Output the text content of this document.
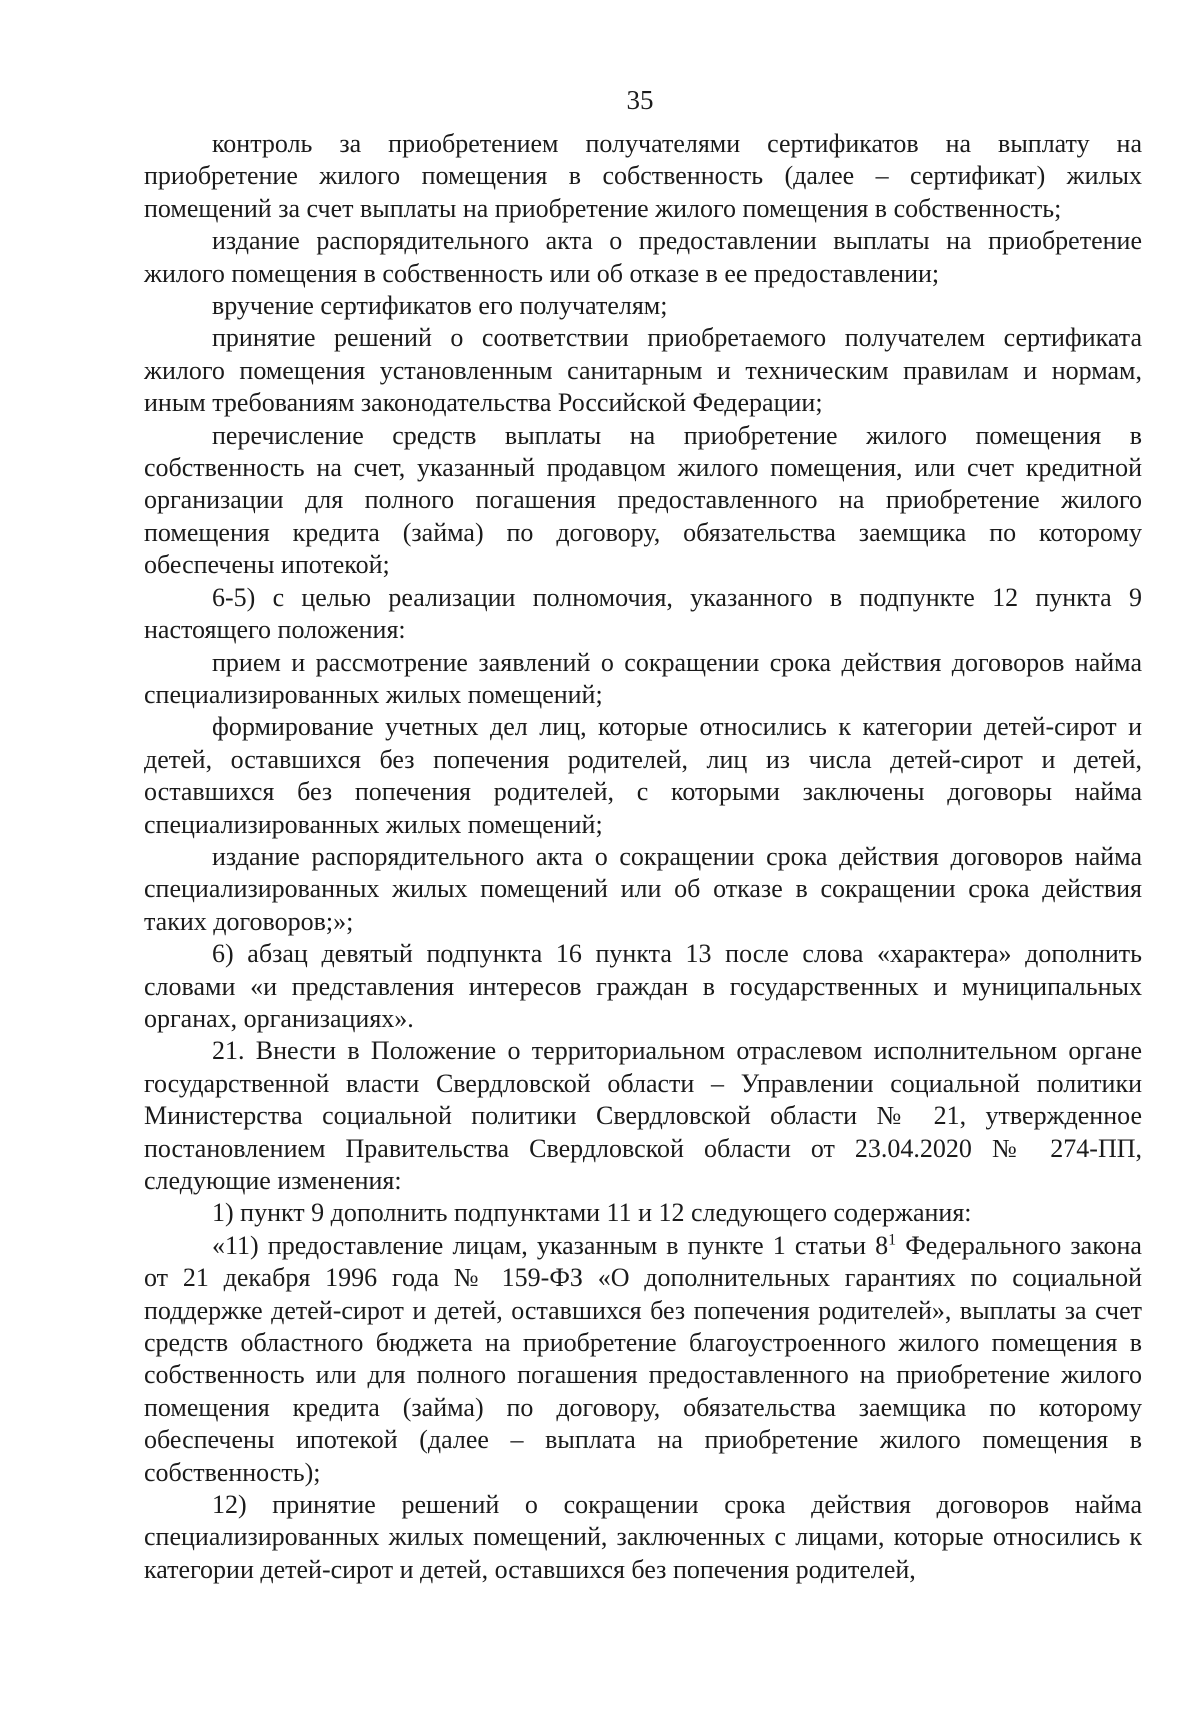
35

контроль за приобретением получателями сертификатов на выплату на приобретение жилого помещения в собственность (далее – сертификат) жилых помещений за счет выплаты на приобретение жилого помещения в собственность;

издание распорядительного акта о предоставлении выплаты на приобретение жилого помещения в собственность или об отказе в ее предоставлении;

вручение сертификатов его получателям;

принятие решений о соответствии приобретаемого получателем сертификата жилого помещения установленным санитарным и техническим правилам и нормам, иным требованиям законодательства Российской Федерации;

перечисление средств выплаты на приобретение жилого помещения в собственность на счет, указанный продавцом жилого помещения, или счет кредитной организации для полного погашения предоставленного на приобретение жилого помещения кредита (займа) по договору, обязательства заемщика по которому обеспечены ипотекой;

6-5) с целью реализации полномочия, указанного в подпункте 12 пункта 9 настоящего положения:

прием и рассмотрение заявлений о сокращении срока действия договоров найма специализированных жилых помещений;

формирование учетных дел лиц, которые относились к категории детей-сирот и детей, оставшихся без попечения родителей, лиц из числа детей-сирот и детей, оставшихся без попечения родителей, с которыми заключены договоры найма специализированных жилых помещений;

издание распорядительного акта о сокращении срока действия договоров найма специализированных жилых помещений или об отказе в сокращении срока действия таких договоров;»;

6) абзац девятый подпункта 16 пункта 13 после слова «характера» дополнить словами «и представления интересов граждан в государственных и муниципальных органах, организациях».

21. Внести в Положение о территориальном отраслевом исполнительном органе государственной власти Свердловской области – Управлении социальной политики Министерства социальной политики Свердловской области № 21, утвержденное постановлением Правительства Свердловской области от 23.04.2020 № 274-ПП, следующие изменения:

1) пункт 9 дополнить подпунктами 11 и 12 следующего содержания:

«11) предоставление лицам, указанным в пункте 1 статьи $8^1$ Федерального закона от 21 декабря 1996 года № 159-ФЗ «О дополнительных гарантиях по социальной поддержке детей-сирот и детей, оставшихся без попечения родителей», выплаты за счет средств областного бюджета на приобретение благоустроенного жилого помещения в собственность или для полного погашения предоставленного на приобретение жилого помещения кредита (займа) по договору, обязательства заемщика по которому обеспечены ипотекой (далее – выплата на приобретение жилого помещения в собственность);

12) принятие решений о сокращении срока действия договоров найма специализированных жилых помещений, заключенных с лицами, которые относились к категории детей-сирот и детей, оставшихся без попечения родителей,
